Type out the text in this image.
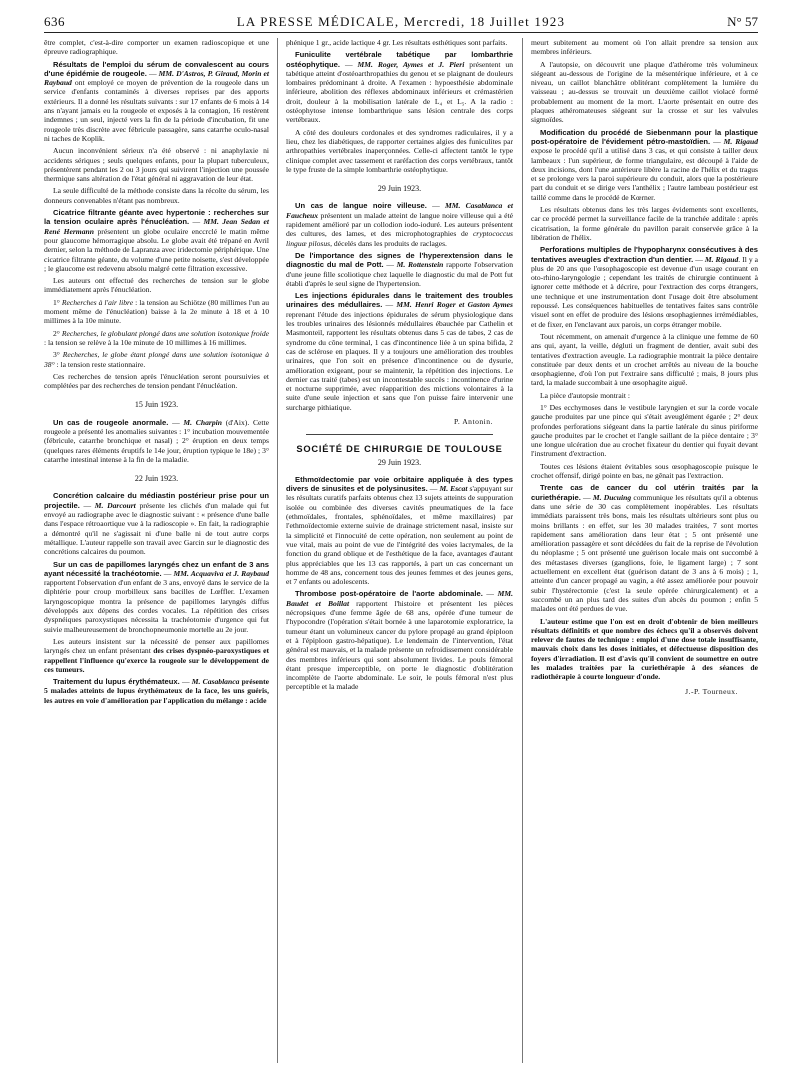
636	LA PRESSE MÉDICALE, Mercredi, 18 Juillet 1923	N° 57

être complet, c'est-à-dire comporter un examen radioscopique et une épreuve radiographique.

Résultats de l'emploi du sérum de convalescent au cours d'une épidémie de rougeole. — MM. D'Astros, P. Giraud, Morin et Raybaud ont employé ce moyen de prévention de la rougeole dans un service d'enfants contaminés à diverses reprises par des apports extérieurs. Il a donné les résultats suivants : sur 17 enfants de 6 mois à 14 ans n'ayant jamais eu la rougeole et exposés à la contagion, 16 restèrent indemnes ; un seul, injecté vers la fin de la période d'incubation, fit une rougeole très discrète avec fébricule passagère, sans catarrhe oculo-nasal ni taches de Koplik.

Aucun inconvénient sérieux n'a été observé : ni anaphylaxie ni accidents sériques ; seuls quelques enfants, pour la plupart tuberculeux, présentèrent pendant les 2 ou 3 jours qui suivirent l'injection une poussée thermique sans altération de l'état général ni aggravation de leur état.

La seule difficulté de la méthode consiste dans la récolte du sérum, les donneurs convenables n'étant pas nombreux.

Cicatrice filtrante géante avec hypertonie : recherches sur la tension oculaire après l'énucléation. — MM. Jean Sedan et René Hermann présentent un globe oculaire enccrclé le matin même pour glaucome hémorragique absolu. Le globe avait été trépané en Avril dernier, selon la méthode de Lapranza avec iridectomie périphérique. Une cicatrice filtrante géante, du volume d'une petite noisette, s'est développée ; le glaucome est redevenu absolu malgré cette filtration excessive.

Les auteurs ont effectué des recherches de tension sur le globe immédiatement après l'énucléation.

1° Recherches à l'air libre : la tension au Schiötze (80 millimes l'un au moment même de l'énucléation) baisse à la 2e minute à 18 et à 10 millimes à la 10e minute.

2° Recherches, le globulant plongé dans une solution isotonique froide : la tension se relève à la 10e minute de 10 millimes à 16 millimes.

3° Recherches, le globe étant plongé dans une solution isotonique à 38° : la tension reste stationnaire.

Ces recherches de tension après l'énucléation seront poursuivies et complétées par des recherches de tension pendant l'énucléation.

15 Juin 1923.

Un cas de rougeole anormale. — M. Charpin (d'Aix). Cette rougeole a présenté les anomalies suivantes : 1° incubation mouvementée (fébricule, catarrhe bronchique et nasal) ; 2° éruption en deux temps (quelques rares éléments éruptifs le 14e jour, éruption typique le 18e) ; 3° catarrhe intestinal intense à la fin de la maladie.

22 Juin 1923.

Concrétion calcaire du médiastin postérieur prise pour un projectile. — M. Darcourt présente les clichés d'un malade qui fut envoyé au radiographe avec le diagnostic suivant : « présence d'une balle dans l'espace rétroaortique vue à la radioscopie ». En fait, la radiographie a démontré qu'il ne s'agissait ni d'une balle ni de tout autre corps métallique. L'auteur rappelle son travail avec Garcin sur le diagnostic des concrétions calcaires du poumon.

Sur un cas de papillomes laryngés chez un enfant de 3 ans ayant nécessité la trachéotomie. — MM. Acquaviva et J. Raybaud rapportent l'observation d'un enfant de 3 ans, envoyé dans le service de la diphtérie pour croup morbilleux sans bacilles de Lœffler. L'examen laryngoscopique montra la présence de papillomes laryngés diffus développés aux dépens des cordes vocales. La répétition des crises dyspnéiques paroxystiques nécessita la trachéotomie d'urgence qui fut suivie malheureusement de bronchopneumonie mortelle au 2e jour.

Les auteurs insistent sur la nécessité de penser aux papillomes laryngés chez un enfant présentant des crises dyspnéo-paroxystiques et rappellent l'influence qu'exerce la rougeole sur le développement de ces tumeurs.

Traitement du lupus érythémateux. — M. Casablanca présente 5 malades atteints de lupus érythémateux de la face, les uns guéris, les autres en voie d'amélioration par l'application du mélange : acide

phénique 1 gr., acide lactique 4 gr. Les résultats esthétiques sont parfaits.

Funiculite vertébrale tabétique par lombarthrie ostéophytique. — MM. Roger, Aymes et J. Pieri présentent un tabétique atteint d'ostéoarthropathies du genou et se plaignant de douleurs lombaires prédominant à droite. A l'examen : hypoesthésie abdominale inférieure, abolition des réflexes abdominaux inférieurs et crémastérien droit, douleur à la mobilisation latérale de L₄ et L₅. A la radio : ostéophytose intense lombarthrique sans lésion centrale des corps vertébraux.

A côté des douleurs cordonales et des syndromes radiculaires, il y a lieu, chez les diabétiques, de rapporter certaines algies des funiculites par arthropathies vertébrales inaperçonnées. Celle-ci affectent tantôt le type clinique complet avec tassement et raréfaction des corps vertébraux, tantôt le type fruste de la simple lombarthrie ostéophytique.

29 Juin 1923.

Un cas de langue noire villeuse. — MM. Casablanca et Faucheux présentent un malade atteint de langue noire villeuse qui a été rapidement amélioré par un collodion iodo-ioduré. Les auteurs présentent des cultures, des lames, et des microphotographies de cryptococcus linguæ pilosus, décelés dans les produits de raclages.

De l'importance des signes de l'hyperextension dans le diagnostic du mal de Pott. — M. Rottenstein rapporte l'observation d'une jeune fille scoliotique chez laquelle le diagnostic du mal de Pott fut établi d'après le seul signe de l'hypertension.

Les injections épidurales dans le traitement des troubles urinaires des médullaires. — MM. Henri Roger et Gaston Aymes reprenant l'étude des injections épidurales de sérum physiologique dans les troubles urinaires des lésionnés médullaires ébauchée par Cathelin et Masmonteil, rapportent les résultats obtenus dans 5 cas de tabes, 2 cas de syndrome du cône terminal, 1 cas d'incontinence liée à un spina bifida, 2 cas de sclérose en plaques. Il y a toujours une amélioration des troubles urinaires, que l'on soit en présence d'incontinence ou de dysurie, amélioration exigeant, pour se maintenir, la répétition des injections. Le dernier cas traité (tabes) est un incontestable succès : incontinence d'urine et nocturne supprimée, avec réapparition des mictions volontaires à la suite d'une seule injection et sans que l'on puisse faire intervenir une surcharge pithiatique.

P. Antonin.

SOCIÉTÉ DE CHIRURGIE DE TOULOUSE

29 Juin 1923.

Ethmoïdectomie par voie orbitaire appliquée à des types divers de sinusites et de polysinusites. — M. Escat s'appuyant sur les résultats curatifs parfaits obtenus chez 13 sujets atteints de suppuration isolée ou combinée des diverses cavités pneumatiques de la face (ethmoïdales, frontales, sphénoïdales, et même maxillaires) par l'ethmoïdectomie externe suivie de drainage strictement nasal, insiste sur la simplicité et l'innocuité de cette opération, non seulement au point de vue vital, mais au point de vue de l'intégrité des voies lacrymales, de la fonction du grand oblique et de l'esthétique de la face, avantages d'autant plus appréciables que les 13 cas rapportés, à part un cas concernant un homme de 48 ans, concernent tous des jeunes femmes et des jeunes gens, et 7 enfants ou adolescents.

Thrombose post-opératoire de l'aorte abdominale. — MM. Baudet et Boillat rapportent l'histoire et présentent les pièces nécropsiques d'une femme âgée de 68 ans, opérée d'une tumeur de l'hypocondre (l'opération s'était bornée à une laparotomie exploratrice, la tumeur étant un volumineux cancer du pylore propagé au grand épiploon et à l'épiploon gastro-hépatique). Le lendemain de l'intervention, l'état général est mauvais, et la malade présente un refroidissement considérable des membres inférieurs qui sont absolument livides. Le pouls fémoral étant presque imperceptible, on porte le diagnostic d'oblitération incomplète de l'aorte abdominale. Le soir, le pouls fémoral n'est plus perceptible et la malade

meurt subitement au moment où l'on allait prendre sa tension aux membres inférieurs.

A l'autopsie, on découvrit une plaque d'athérome très volumineux siégeant au-dessous de l'origine de la mésentérique inférieure, et à ce niveau, un caillot blanchâtre oblitérant complètement la lumière du vaisseau ; au-dessus se trouvait un deuxième caillot violacé formé probablement au moment de la mort. L'aorte présentait en outre des plaques athéromateuses siégeant sur la crosse et sur les valvules sigmoïdes.

Modification du procédé de Siebenmann pour la plastique post-opératoire de l'évidement pétro-mastoïdien. — M. Rigaud expose le procédé qu'il a utilisé dans 3 cas, et qui consiste à tailler deux lambeaux : l'un supérieur, de forme triangulaire, est découpé à l'aide de deux incisions, dont l'une antérieure libère la racine de l'hélix et du tragus et se prolonge vers la paroi supérieure du conduit, alors que la postérieure part du conduit et se dirige vers l'anthélix ; l'autre lambeau postérieur est taillé comme dans le procédé de Kœrner.

Les résultats obtenus dans les très larges évidements sont excellents, car ce procédé permet la surveillance facile de la tranchée additale : après cicatrisation, la forme générale du pavillon parait conservée grâce à la libération de l'hélix.

Perforations multiples de l'hypopharynx consécutives à des tentatives aveugles d'extraction d'un dentier. — M. Rigaud. Il y a plus de 20 ans que l'œsophagoscopie est devenue d'un usage courant en oto-rhino-laryngologie ; cependant les traités de chirurgie continuent à ignorer cette méthode et à décrire, pour l'extraction des corps étrangers, une technique et une instrumentation dont l'usage doit être absolument repoussé. Les conséquences habituelles de tentatives faites sans contrôle visuel sont en effet de produire des lésions œsophagiennes irrémédiables, et de fixer, en l'enclavant aux parois, un corps étranger mobile.

Tout récemment, on amenait d'urgence à la clinique une femme de 60 ans qui, ayant, la veille, dégluti un fragment de dentier, avait subi des tentatives d'extraction aveugle. La radiographie montrait la pièce dentaire constituée par deux dents et un crochet arrêtés au niveau de la bouche œsophagienne, d'où l'on put l'extraire sans difficulté ; mais, 8 jours plus tard, la malade succombait à une œsophagite aiguë.

La pièce d'autopsie montrait :

1° Des ecchymoses dans le vestibule laryngien et sur la corde vocale gauche produites par une pince qui s'était aveuglément égarée ; 2° deux profondes perforations siégeant dans la partie latérale du sinus piriforme gauche produites par le crochet et l'angle saillant de la pièce dentaire ; 3° une longue ulcération due au crochet fixateur du dentier qui fuyait devant l'instrument d'extraction.

Toutes ces lésions étaient évitables sous œsophagoscopie puisque le crochet offensif, dirigé pointe en bas, ne gênait pas l'extraction.

Trente cas de cancer du col utérin traités par la curiethérapie. — M. Ducuing communique les résultats qu'il a obtenus dans une série de 30 cas complètement inopérables. Les résultats immédiats paraissent très bons, mais les résultats ultérieurs sont plus ou moins brillants : en effet, sur les 30 malades traitées, 7 sont mortes rapidement sans amélioration dans leur état ; 5 ont présenté une amélioration passagère et sont décédées du fait de la reprise de l'évolution du néoplasme ; 5 ont présenté une guérison locale mais ont succombé à des métastases diverses (ganglions, foie, le ligament large) ; 7 sont actuellement en excellent état (guérison datant de 3 ans à 6 mois) ; 1, atteinte d'un cancer propagé au vagin, a été assez améliorée pour pouvoir subir l'hystérectomie (c'est la seule opérée chirurgicalement) et a succombé un an plus tard des suites d'un abcès du poumon ; enfin 5 malades ont été perdues de vue.

L'auteur estime que l'on est en droit d'obtenir de bien meilleurs résultats définitifs et que nombre des échecs qu'il a observés doivent relever de fautes de technique : emploi d'une dose totale insuffisante, mauvais choix dans les doses initiales, et défectueuse disposition des foyers d'irradiation. Il est d'avis qu'il convient de soumettre en outre les malades traitées par la curiethérapie à des séances de radiothérapie à courte longueur d'onde.

J.-P. Tourneux.
